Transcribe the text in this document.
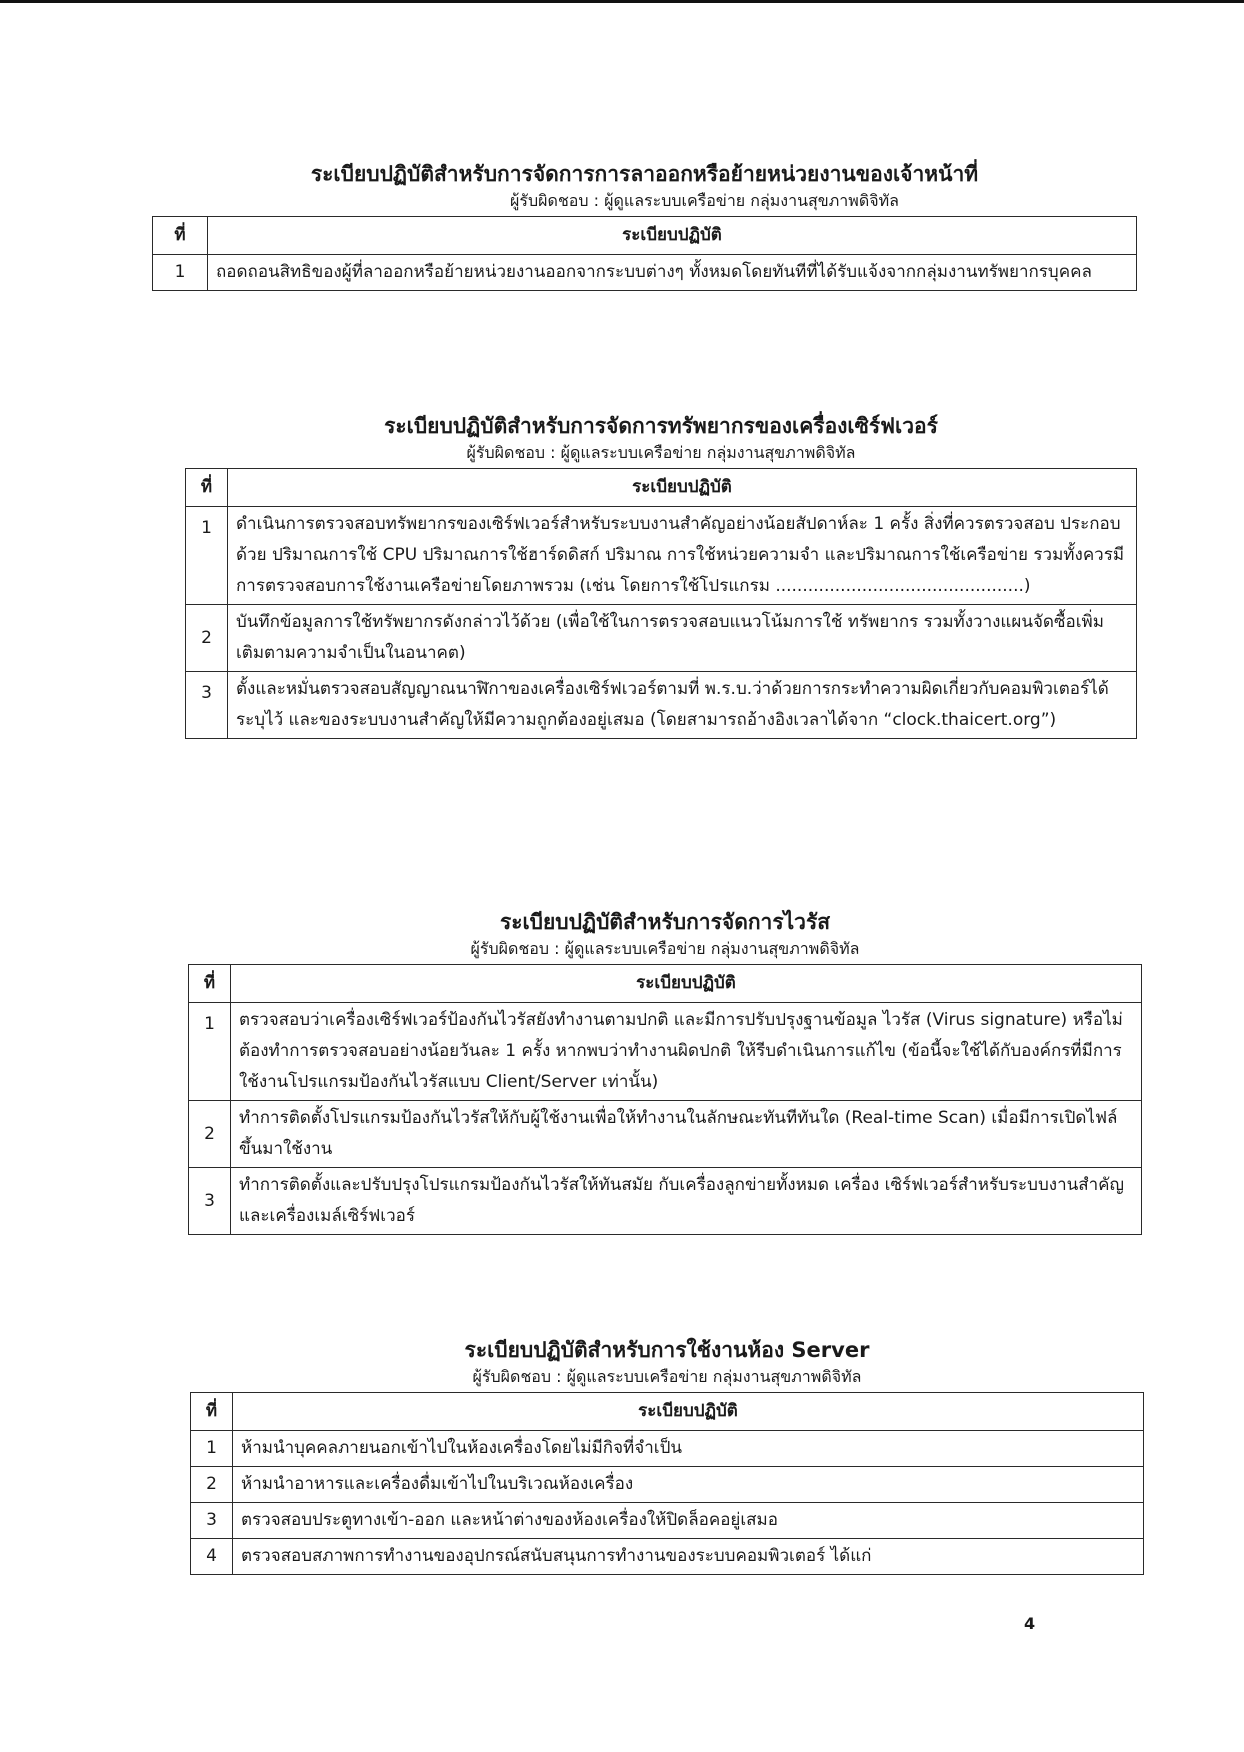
ระเบียบปฏิบัติสำหรับการจัดการการลาออกหรือย้ายหน่วยงานของเจ้าหน้าที่

ผู้รับผิดชอบ : ผู้ดูแลระบบเครือข่าย กลุ่มงานสุขภาพดิจิทัล

ที่	ระเบียบปฏิบัติ
1	ถอดถอนสิทธิของผู้ที่ลาออกหรือย้ายหน่วยงานออกจากระบบต่างๆ ทั้งหมดโดยทันทีที่ได้รับแจ้งจากกลุ่มงานทรัพยากรบุคคล
ระเบียบปฏิบัติสำหรับการจัดการทรัพยากรของเครื่องเซิร์ฟเวอร์

ผู้รับผิดชอบ : ผู้ดูแลระบบเครือข่าย กลุ่มงานสุขภาพดิจิทัล

ที่	ระเบียบปฏิบัติ
1	ดำเนินการตรวจสอบทรัพยากรของเซิร์ฟเวอร์สำหรับระบบงานสำคัญอย่างน้อยสัปดาห์ละ 1 ครั้ง สิ่งที่ควรตรวจสอบ ประกอบด้วย ปริมาณการใช้ CPU ปริมาณการใช้ฮาร์ดดิสก์ ปริมาณ การใช้หน่วยความจำ และปริมาณการใช้เครือข่าย รวมทั้งควรมีการตรวจสอบการใช้งานเครือข่ายโดยภาพรวม (เช่น โดยการใช้โปรแกรม ..............................................)
2	บันทึกข้อมูลการใช้ทรัพยากรดังกล่าวไว้ด้วย (เพื่อใช้ในการตรวจสอบแนวโน้มการใช้ ทรัพยากร รวมทั้งวางแผนจัดซื้อเพิ่มเติมตามความจำเป็นในอนาคต)
3	ตั้งและหมั่นตรวจสอบสัญญาณนาฬิกาของเครื่องเซิร์ฟเวอร์ตามที่ พ.ร.บ.ว่าด้วยการกระทำความผิดเกี่ยวกับคอมพิวเตอร์ได้ระบุไว้ และของระบบงานสำคัญให้มีความถูกต้องอยู่เสมอ (โดยสามารถอ้างอิงเวลาได้จาก “clock.thaicert.org”)
ระเบียบปฏิบัติสำหรับการจัดการไวรัส

ผู้รับผิดชอบ : ผู้ดูแลระบบเครือข่าย กลุ่มงานสุขภาพดิจิทัล

ที่	ระเบียบปฏิบัติ
1	ตรวจสอบว่าเครื่องเซิร์ฟเวอร์ป้องกันไวรัสยังทำงานตามปกติ และมีการปรับปรุงฐานข้อมูล ไวรัส (Virus signature) หรือไม่ ต้องทำการตรวจสอบอย่างน้อยวันละ 1 ครั้ง หากพบว่าทำงานผิดปกติ ให้รีบดำเนินการแก้ไข (ข้อนี้จะใช้ได้กับองค์กรที่มีการใช้งานโปรแกรมป้องกันไวรัสแบบ Client/Server เท่านั้น)
2	ทำการติดตั้งโปรแกรมป้องกันไวรัสให้กับผู้ใช้งานเพื่อให้ทำงานในลักษณะทันทีทันใด (Real-time Scan) เมื่อมีการเปิดไฟล์ขึ้นมาใช้งาน
3	ทำการติดตั้งและปรับปรุงโปรแกรมป้องกันไวรัสให้ทันสมัย กับเครื่องลูกข่ายทั้งหมด เครื่อง เซิร์ฟเวอร์สำหรับระบบงานสำคัญ และเครื่องเมล์เซิร์ฟเวอร์
ระเบียบปฏิบัติสำหรับการใช้งานห้อง Server

ผู้รับผิดชอบ : ผู้ดูแลระบบเครือข่าย กลุ่มงานสุขภาพดิจิทัล

ที่	ระเบียบปฏิบัติ
1	ห้ามนำบุคคลภายนอกเข้าไปในห้องเครื่องโดยไม่มีกิจที่จำเป็น
2	ห้ามนำอาหารและเครื่องดื่มเข้าไปในบริเวณห้องเครื่อง
3	ตรวจสอบประตูทางเข้า-ออก และหน้าต่างของห้องเครื่องให้ปิดล็อคอยู่เสมอ
4	ตรวจสอบสภาพการทำงานของอุปกรณ์สนับสนุนการทำงานของระบบคอมพิวเตอร์ ได้แก่
4
